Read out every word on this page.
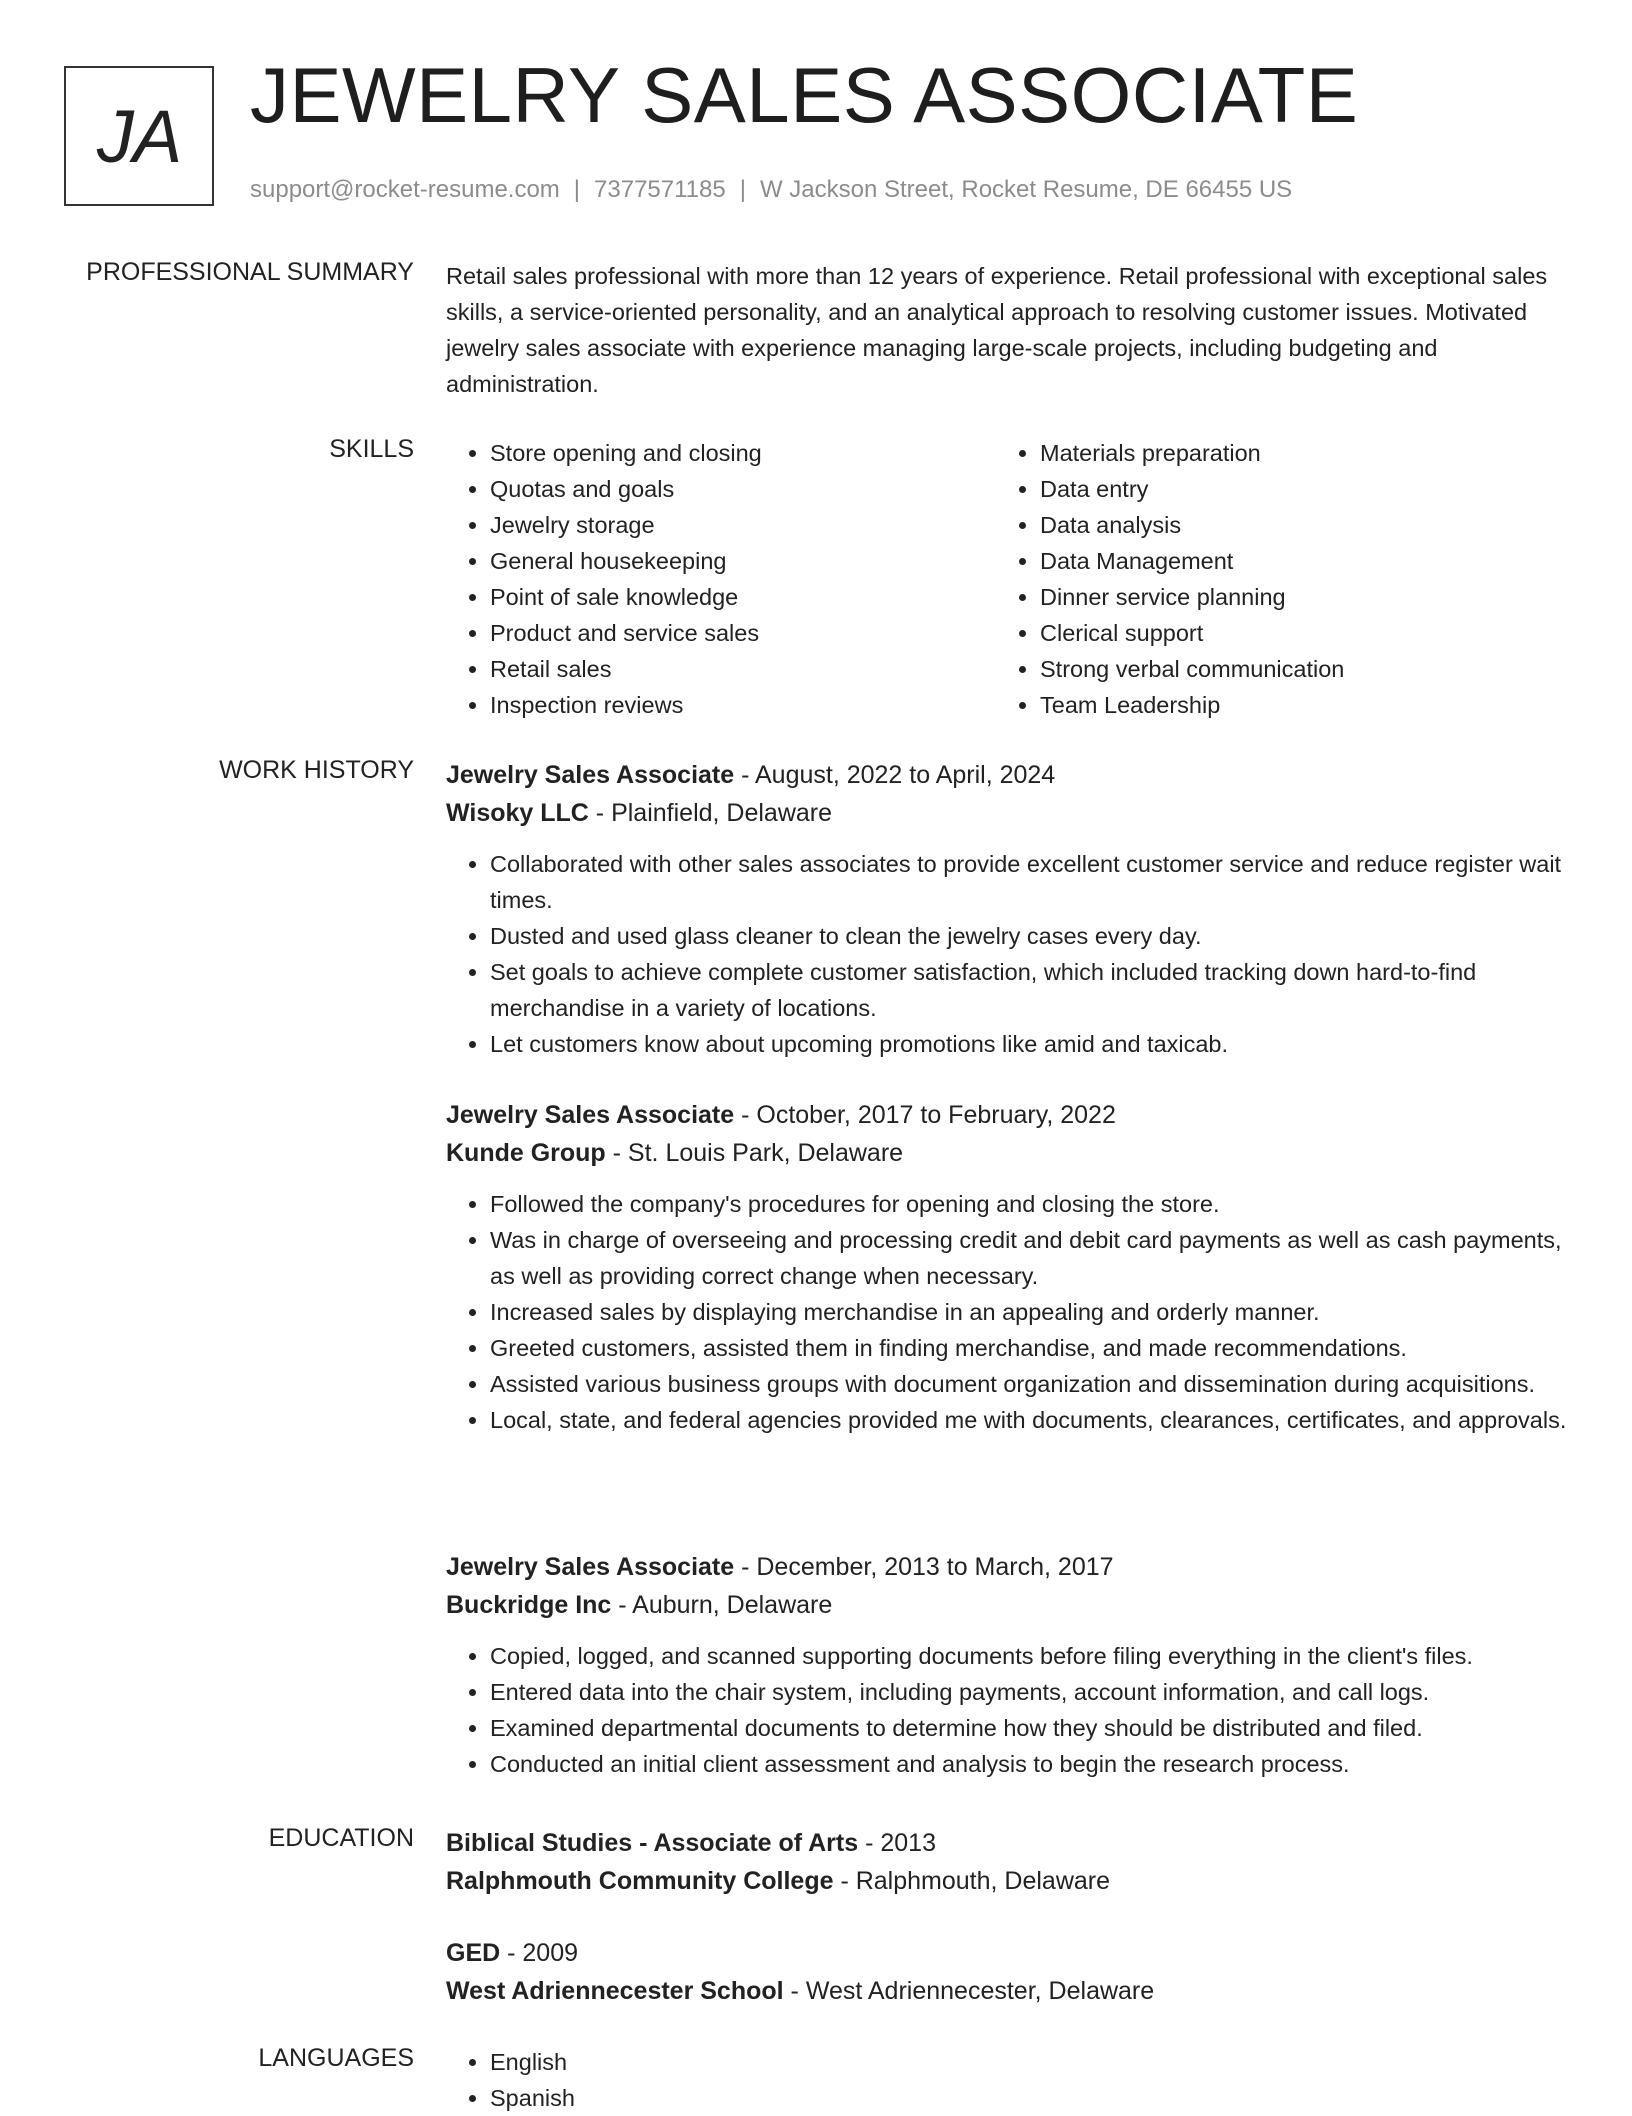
JA JEWELRY SALES ASSOCIATE
support@rocket-resume.com | 7377571185 | W Jackson Street, Rocket Resume, DE 66455 US
PROFESSIONAL SUMMARY Retail sales professional with more than 12 years of experience. Retail professional with exceptional sales skills, a service-oriented personality, and an analytical approach to resolving customer issues. Motivated jewelry sales associate with experience managing large-scale projects, including budgeting and administration.

SKILLS	• Store opening and closing
• Quotas and goals
• Jewelry storage
• General housekeeping
• Point of sale knowledge
• Product and service sales
• Retail sales
• Inspection reviews
• Materials preparation
• Data entry
• Data analysis
• Data Management
• Dinner service planning
• Clerical support
• Strong verbal communication
• Team Leadership
WORK HISTORY Jewelry Sales Associate - August, 2022 to April, 2024

Wisoky LLC - Plainfield, Delaware

• Collaborated with other sales associates to provide excellent customer service and reduce register wait times.
• Dusted and used glass cleaner to clean the jewelry cases every day.
• Set goals to achieve complete customer satisfaction, which included tracking down hard-to-find merchandise in a variety of locations.
• Let customers know about upcoming promotions like amid and taxicab.

Jewelry Sales Associate - October, 2017 to February, 2022

Kunde Group - St. Louis Park, Delaware

• Followed the company's procedures for opening and closing the store.
• Was in charge of overseeing and processing credit and debit card payments as well as cash payments, as well as providing correct change when necessary.
• Increased sales by displaying merchandise in an appealing and orderly manner.
• Greeted customers, assisted them in finding merchandise, and made recommendations.
• Assisted various business groups with document organization and dissemination during acquisitions.
• Local, state, and federal agencies provided me with documents, clearances, certificates, and approvals.

Jewelry Sales Associate - December, 2013 to March, 2017

Buckridge Inc - Auburn, Delaware

• Copied, logged, and scanned supporting documents before filing everything in the client's files.
• Entered data into the chair system, including payments, account information, and call logs.
• Examined departmental documents to determine how they should be distributed and filed.
• Conducted an initial client assessment and analysis to begin the research process.
EDUCATION Biblical Studies - Associate of Arts - 2013

Ralphmouth Community College - Ralphmouth, Delaware

GED - 2009

West Adriennecester School - West Adriennecester, Delaware

LANGUAGES	• English
• Spanish
